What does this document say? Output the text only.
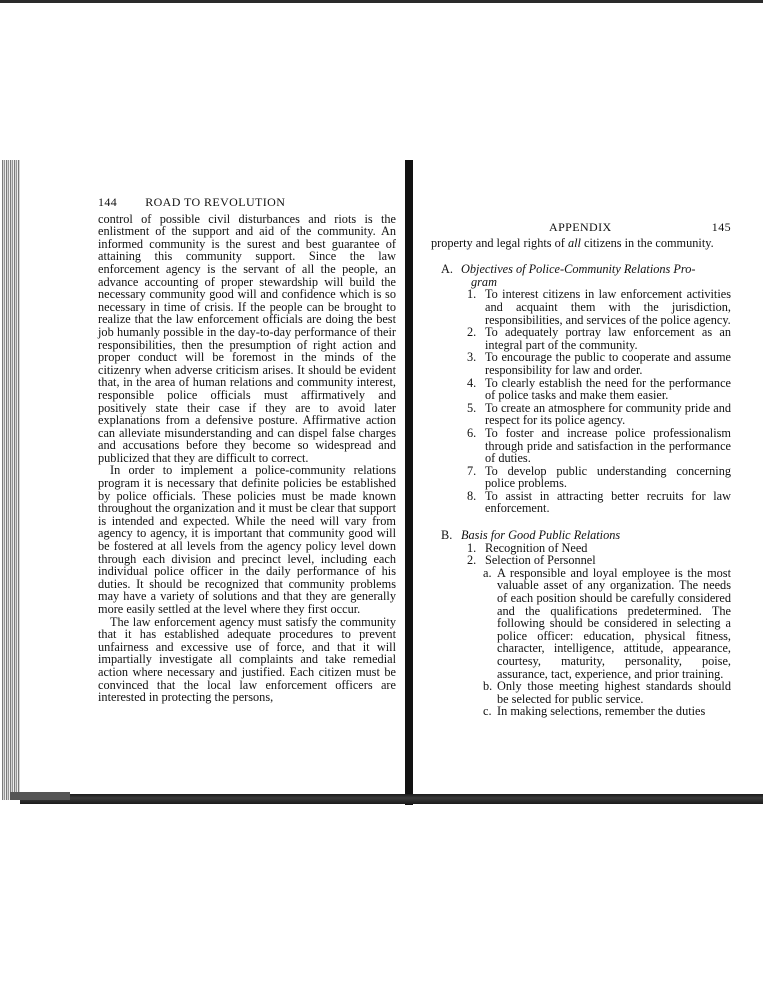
144 ROAD TO REVOLUTION

control of possible civil disturbances and riots is the enlistment of the support and aid of the community. An informed community is the surest and best guarantee of attaining this community support. Since the law enforcement agency is the servant of all the people, an advance accounting of proper stewardship will build the necessary community good will and confidence which is so necessary in time of crisis. If the people can be brought to realize that the law enforcement officials are doing the best job humanly possible in the day-to-day performance of their responsibilities, then the presumption of right action and proper conduct will be foremost in the minds of the citizenry when adverse criticism arises. It should be evident that, in the area of human relations and community interest, responsible police officials must affirmatively and positively state their case if they are to avoid later explanations from a defensive posture. Affirmative action can alleviate misunderstanding and can dispel false charges and accusations before they become so widespread and publicized that they are difficult to correct.

In order to implement a police-community relations program it is necessary that definite policies be established by police officials. These policies must be made known throughout the organization and it must be clear that support is intended and expected. While the need will vary from agency to agency, it is important that community good will be fostered at all levels from the agency policy level down through each division and precinct level, including each individual police officer in the daily performance of his duties. It should be recognized that community problems may have a variety of solutions and that they are generally more easily settled at the level where they first occur.

The law enforcement agency must satisfy the community that it has established adequate procedures to prevent unfairness and excessive use of force, and that it will impartially investigate all complaints and take remedial action where necessary and justified. Each citizen must be convinced that the local law enforcement officers are interested in protecting the persons,

APPENDIX	145

property and legal rights of all citizens in the community.

A. Objectives of Police-Community Relations Pro-
gram
1. To interest citizens in law enforcement activities and acquaint them with the jurisdiction, responsibilities, and services of the police agency.
2. To adequately portray law enforcement as an integral part of the community.
3. To encourage the public to cooperate and assume responsibility for law and order.
4. To clearly establish the need for the performance of police tasks and make them easier.
5. To create an atmosphere for community pride and respect for its police agency.
6. To foster and increase police professionalism through pride and satisfaction in the performance of duties.
7. To develop public understanding concerning police problems.
8. To assist in attracting better recruits for law enforcement.
B. Basis for Good Public Relations
1. Recognition of Need
2. Selection of Personnel
a. A responsible and loyal employee is the most valuable asset of any organization. The needs of each position should be carefully considered and the qualifications predetermined. The following should be considered in selecting a police officer: education, physical fitness, character, intelligence, attitude, appearance, courtesy, maturity, personality, poise, assurance, tact, experience, and prior training.
b. Only those meeting highest standards should be selected for public service.
c. In making selections, remember the duties
